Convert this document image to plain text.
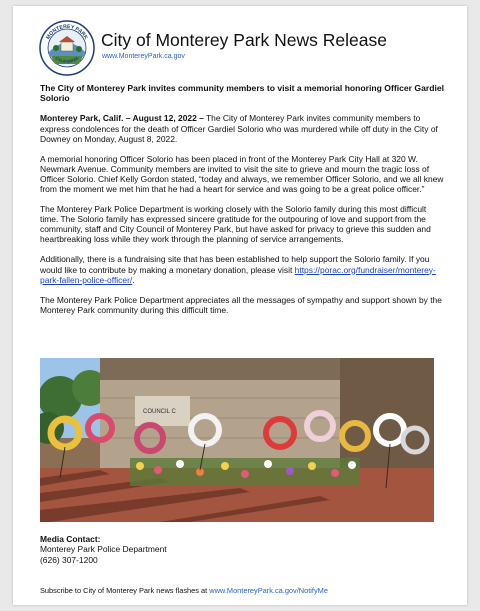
MONTEREY PARK
CALIFORNIA
City of Monterey Park News Release
www.MontereyPark.ca.gov
The City of Monterey Park invites community members to visit a memorial honoring Officer Gardiel Solorio

Monterey Park, Calif. – August 12, 2022 – The City of Monterey Park invites community members to express condolences for the death of Officer Gardiel Solorio who was murdered while off duty in the City of Downey on Monday, August 8, 2022.

A memorial honoring Officer Solorio has been placed in front of the Monterey Park City Hall at 320 W. Newmark Avenue. Community members are invited to visit the site to grieve and mourn the tragic loss of Officer Solorio. Chief Kelly Gordon stated, “today and always, we remember Officer Solorio, and we all knew from the moment we met him that he had a heart for service and was going to be a great police officer.”

The Monterey Park Police Department is working closely with the Solorio family during this most difficult time. The Solorio family has expressed sincere gratitude for the outpouring of love and support from the community, staff and City Council of Monterey Park, but have asked for privacy to grieve this sudden and heartbreaking loss while they work through the planning of service arrangements.

Additionally, there is a fundraising site that has been established to help support the Solorio family. If you would like to contribute by making a monetary donation, please visit https://porac.org/fundraiser/monterey-park-fallen-police-officer/.

The Monterey Park Police Department appreciates all the messages of sympathy and support shown by the Monterey Park community during this difficult time.

COUNCIL C
Media Contact:
Monterey Park Police Department
(626) 307-1200
Subscribe to City of Monterey Park news flashes at www.MontereyPark.ca.gov/NotifyMe
